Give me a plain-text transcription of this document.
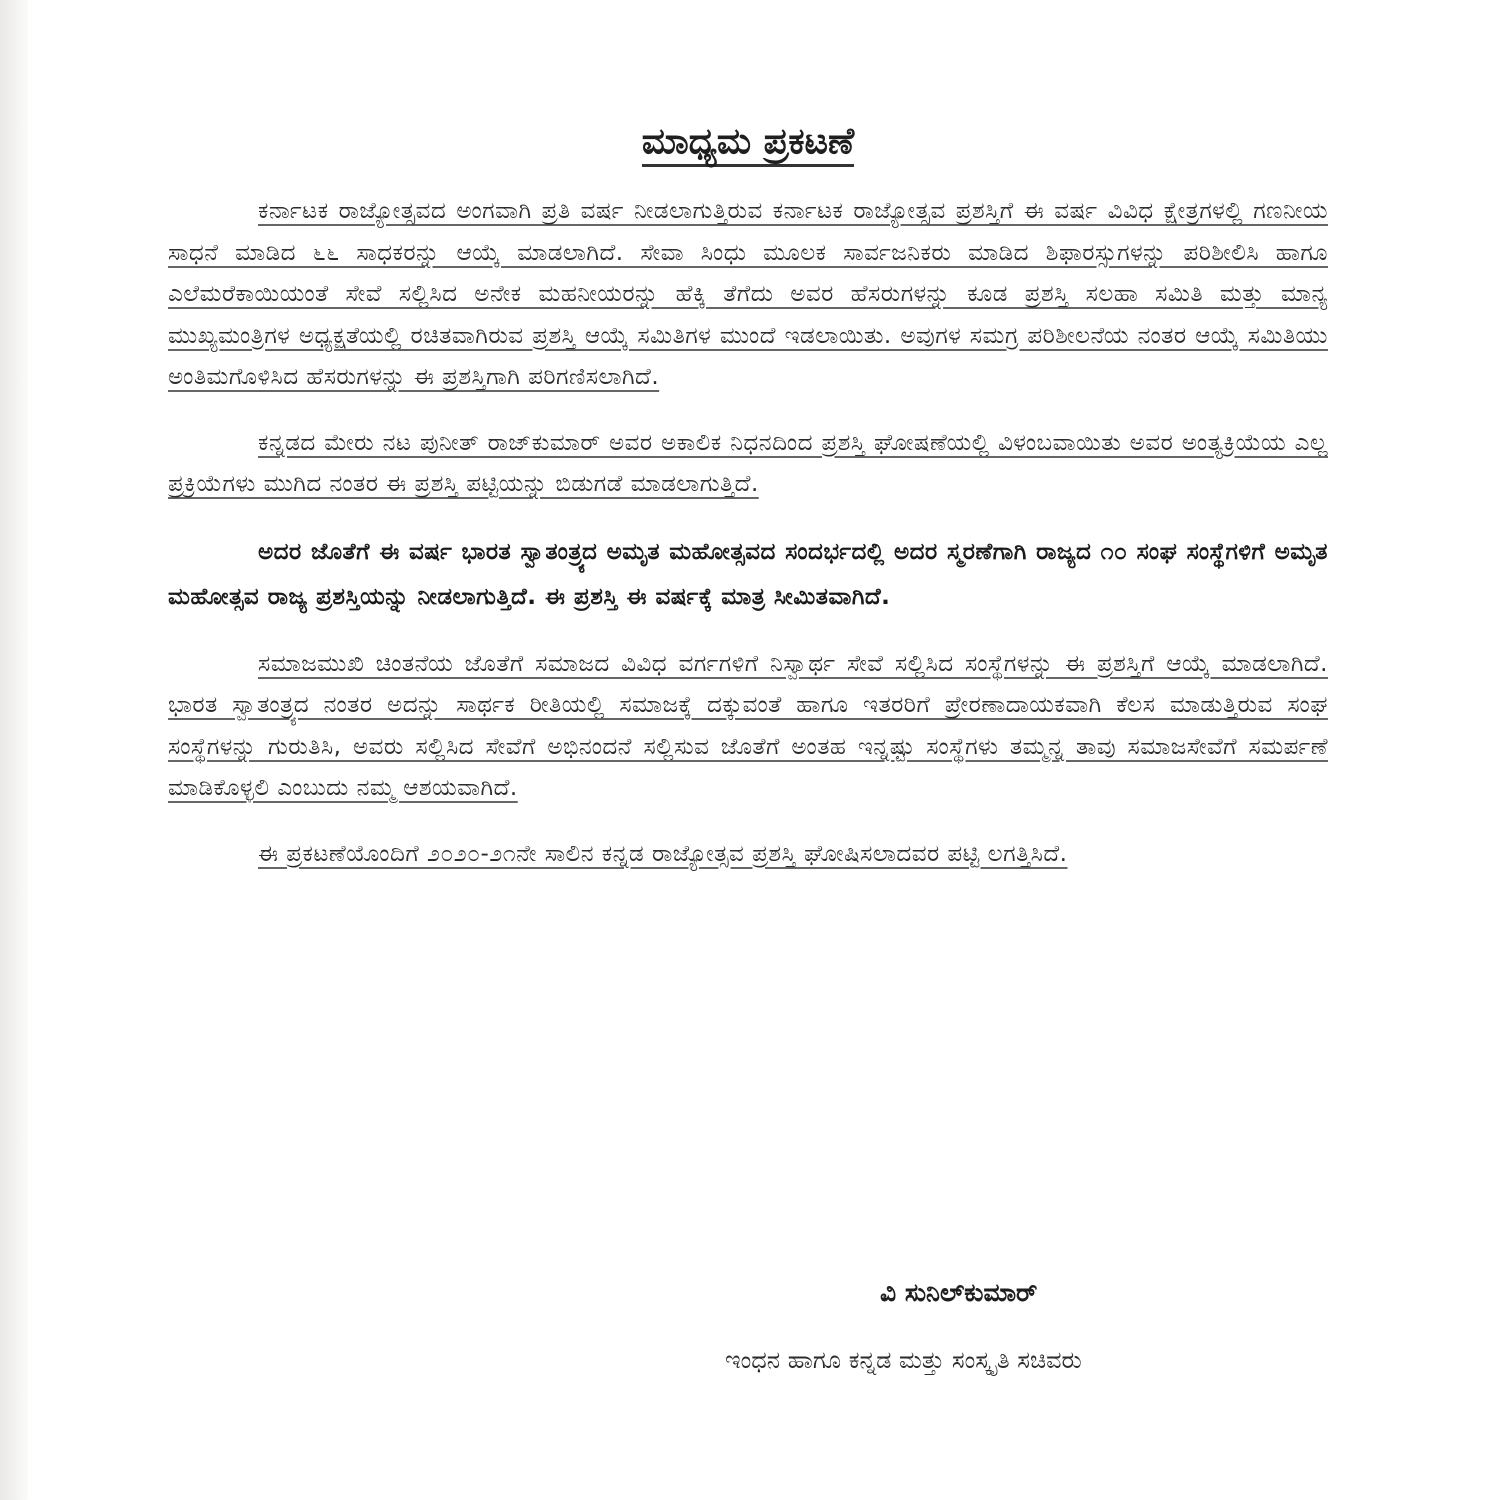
ಮಾಧ್ಯಮ ಪ್ರಕಟಣೆ

ಕರ್ನಾಟಕ ರಾಜ್ಯೋತ್ಸವದ ಅಂಗವಾಗಿ ಪ್ರತಿ ವರ್ಷ ನೀಡಲಾಗುತ್ತಿರುವ ಕರ್ನಾಟಕ ರಾಜ್ಯೋತ್ಸವ ಪ್ರಶಸ್ತಿಗೆ ಈ ವರ್ಷ ವಿವಿಧ ಕ್ಷೇತ್ರಗಳಲ್ಲಿ ಗಣನೀಯ ಸಾಧನೆ ಮಾಡಿದ ೬೬ ಸಾಧಕರನ್ನು ಆಯ್ಕೆ ಮಾಡಲಾಗಿದೆ. ಸೇವಾ ಸಿಂಧು ಮೂಲಕ ಸಾರ್ವಜನಿಕರು ಮಾಡಿದ ಶಿಫಾರಸ್ಸುಗಳನ್ನು ಪರಿಶೀಲಿಸಿ ಹಾಗೂ ಎಲೆಮರೆಕಾಯಿಯಂತೆ ಸೇವೆ ಸಲ್ಲಿಸಿದ ಅನೇಕ ಮಹನೀಯರನ್ನು ಹೆಕ್ಕಿ ತೆಗೆದು ಅವರ ಹೆಸರುಗಳನ್ನು ಕೂಡ ಪ್ರಶಸ್ತಿ ಸಲಹಾ ಸಮಿತಿ ಮತ್ತು ಮಾನ್ಯ ಮುಖ್ಯಮಂತ್ರಿಗಳ ಅಧ್ಯಕ್ಷತೆಯಲ್ಲಿ ರಚಿತವಾಗಿರುವ ಪ್ರಶಸ್ತಿ ಆಯ್ಕೆ ಸಮಿತಿಗಳ ಮುಂದೆ ಇಡಲಾಯಿತು. ಅವುಗಳ ಸಮಗ್ರ ಪರಿಶೀಲನೆಯ ನಂತರ ಆಯ್ಕೆ ಸಮಿತಿಯು ಅಂತಿಮಗೊಳಿಸಿದ ಹೆಸರುಗಳನ್ನು ಈ ಪ್ರಶಸ್ತಿಗಾಗಿ ಪರಿಗಣಿಸಲಾಗಿದೆ.

ಕನ್ನಡದ ಮೇರು ನಟ ಪುನೀತ್ ರಾಜ್‌ಕುಮಾರ್ ಅವರ ಅಕಾಲಿಕ ನಿಧನದಿಂದ ಪ್ರಶಸ್ತಿ ಘೋಷಣೆಯಲ್ಲಿ ವಿಳಂಬವಾಯಿತು ಅವರ ಅಂತ್ಯಕ್ರಿಯೆಯ ಎಲ್ಲ ಪ್ರಕ್ರಿಯೆಗಳು ಮುಗಿದ ನಂತರ ಈ ಪ್ರಶಸ್ತಿ ಪಟ್ಟಿಯನ್ನು ಬಿಡುಗಡೆ ಮಾಡಲಾಗುತ್ತಿದೆ.

ಅದರ ಜೊತೆಗೆ ಈ ವರ್ಷ ಭಾರತ ಸ್ವಾತಂತ್ರ್ಯದ ಅಮೃತ ಮಹೋತ್ಸವದ ಸಂದರ್ಭದಲ್ಲಿ ಅದರ ಸ್ಮರಣೆಗಾಗಿ ರಾಜ್ಯದ ೧೦ ಸಂಘ ಸಂಸ್ಥೆಗಳಿಗೆ ಅಮೃತ ಮಹೋತ್ಸವ ರಾಜ್ಯ ಪ್ರಶಸ್ತಿಯನ್ನು ನೀಡಲಾಗುತ್ತಿದೆ. ಈ ಪ್ರಶಸ್ತಿ ಈ ವರ್ಷಕ್ಕೆ ಮಾತ್ರ ಸೀಮಿತವಾಗಿದೆ.

ಸಮಾಜಮುಖಿ ಚಿಂತನೆಯ ಜೊತೆಗೆ ಸಮಾಜದ ವಿವಿಧ ವರ್ಗಗಳಿಗೆ ನಿಸ್ವಾರ್ಥ ಸೇವೆ ಸಲ್ಲಿಸಿದ ಸಂಸ್ಥೆಗಳನ್ನು ಈ ಪ್ರಶಸ್ತಿಗೆ ಆಯ್ಕೆ ಮಾಡಲಾಗಿದೆ. ಭಾರತ ಸ್ವಾತಂತ್ರ್ಯದ ನಂತರ ಅದನ್ನು ಸಾರ್ಥಕ ರೀತಿಯಲ್ಲಿ ಸಮಾಜಕ್ಕೆ ದಕ್ಕುವಂತೆ ಹಾಗೂ ಇತರರಿಗೆ ಪ್ರೇರಣಾದಾಯಕವಾಗಿ ಕೆಲಸ ಮಾಡುತ್ತಿರುವ ಸಂಘ ಸಂಸ್ಥೆಗಳನ್ನು ಗುರುತಿಸಿ, ಅವರು ಸಲ್ಲಿಸಿದ ಸೇವೆಗೆ ಅಭಿನಂದನೆ ಸಲ್ಲಿಸುವ ಜೊತೆಗೆ ಅಂತಹ ಇನ್ನಷ್ಟು ಸಂಸ್ಥೆಗಳು ತಮ್ಮನ್ನ ತಾವು ಸಮಾಜಸೇವೆಗೆ ಸಮರ್ಪಣೆ ಮಾಡಿಕೊಳ್ಳಲಿ ಎಂಬುದು ನಮ್ಮ ಆಶಯವಾಗಿದೆ.

ಈ ಪ್ರಕಟಣೆಯೊಂದಿಗೆ ೨೦೨೦-೨೧ನೇ ಸಾಲಿನ ಕನ್ನಡ ರಾಜ್ಯೋತ್ಸವ ಪ್ರಶಸ್ತಿ ಘೋಷಿಸಲಾದವರ ಪಟ್ಟಿ ಲಗತ್ತಿಸಿದೆ.

ವಿ ಸುನಿಲ್‌ಕುಮಾರ್
ಇಂಧನ ಹಾಗೂ ಕನ್ನಡ ಮತ್ತು ಸಂಸ್ಕೃತಿ ಸಚಿವರು
